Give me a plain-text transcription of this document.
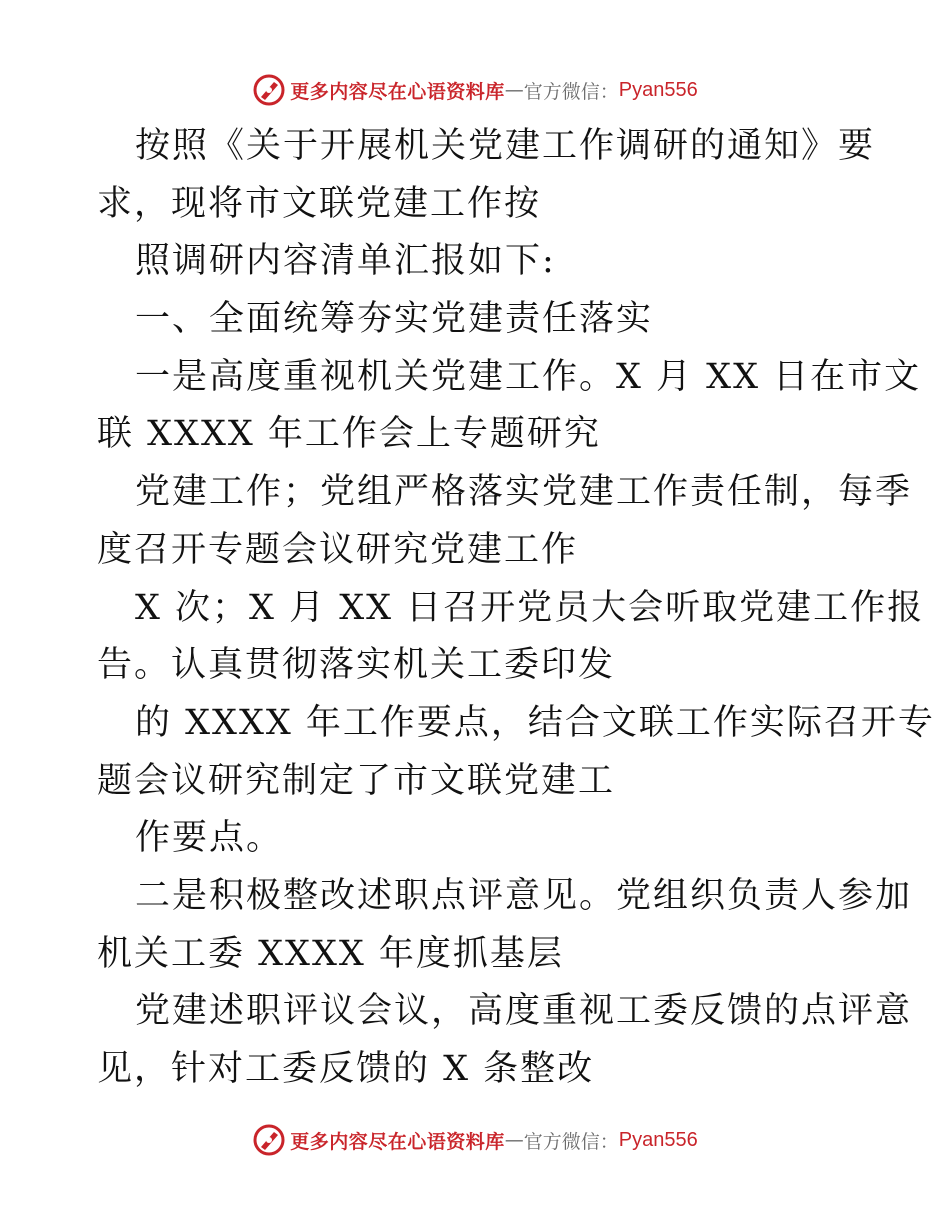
更多内容尽在心语资料库 — 官方微信： Pyan556
按照《关于开展机关党建工作调研的通知》要
求，现将市文联党建工作按
照调研内容清单汇报如下:
一、全面统筹夯实党建责任落实
一是高度重视机关党建工作。X 月 XX 日在市文
联 XXXX 年工作会上专题研究
党建工作；党组严格落实党建工作责任制，每季
度召开专题会议研究党建工作
X 次；X 月 XX 日召开党员大会听取党建工作报
告。认真贯彻落实机关工委印发
的 XXXX 年工作要点，结合文联工作实际召开专
题会议研究制定了市文联党建工
作要点。
二是积极整改述职点评意见。党组织负责人参加
机关工委 XXXX 年度抓基层
党建述职评议会议，高度重视工委反馈的点评意
见，针对工委反馈的 X 条整改
更多内容尽在心语资料库 — 官方微信： Pyan556
